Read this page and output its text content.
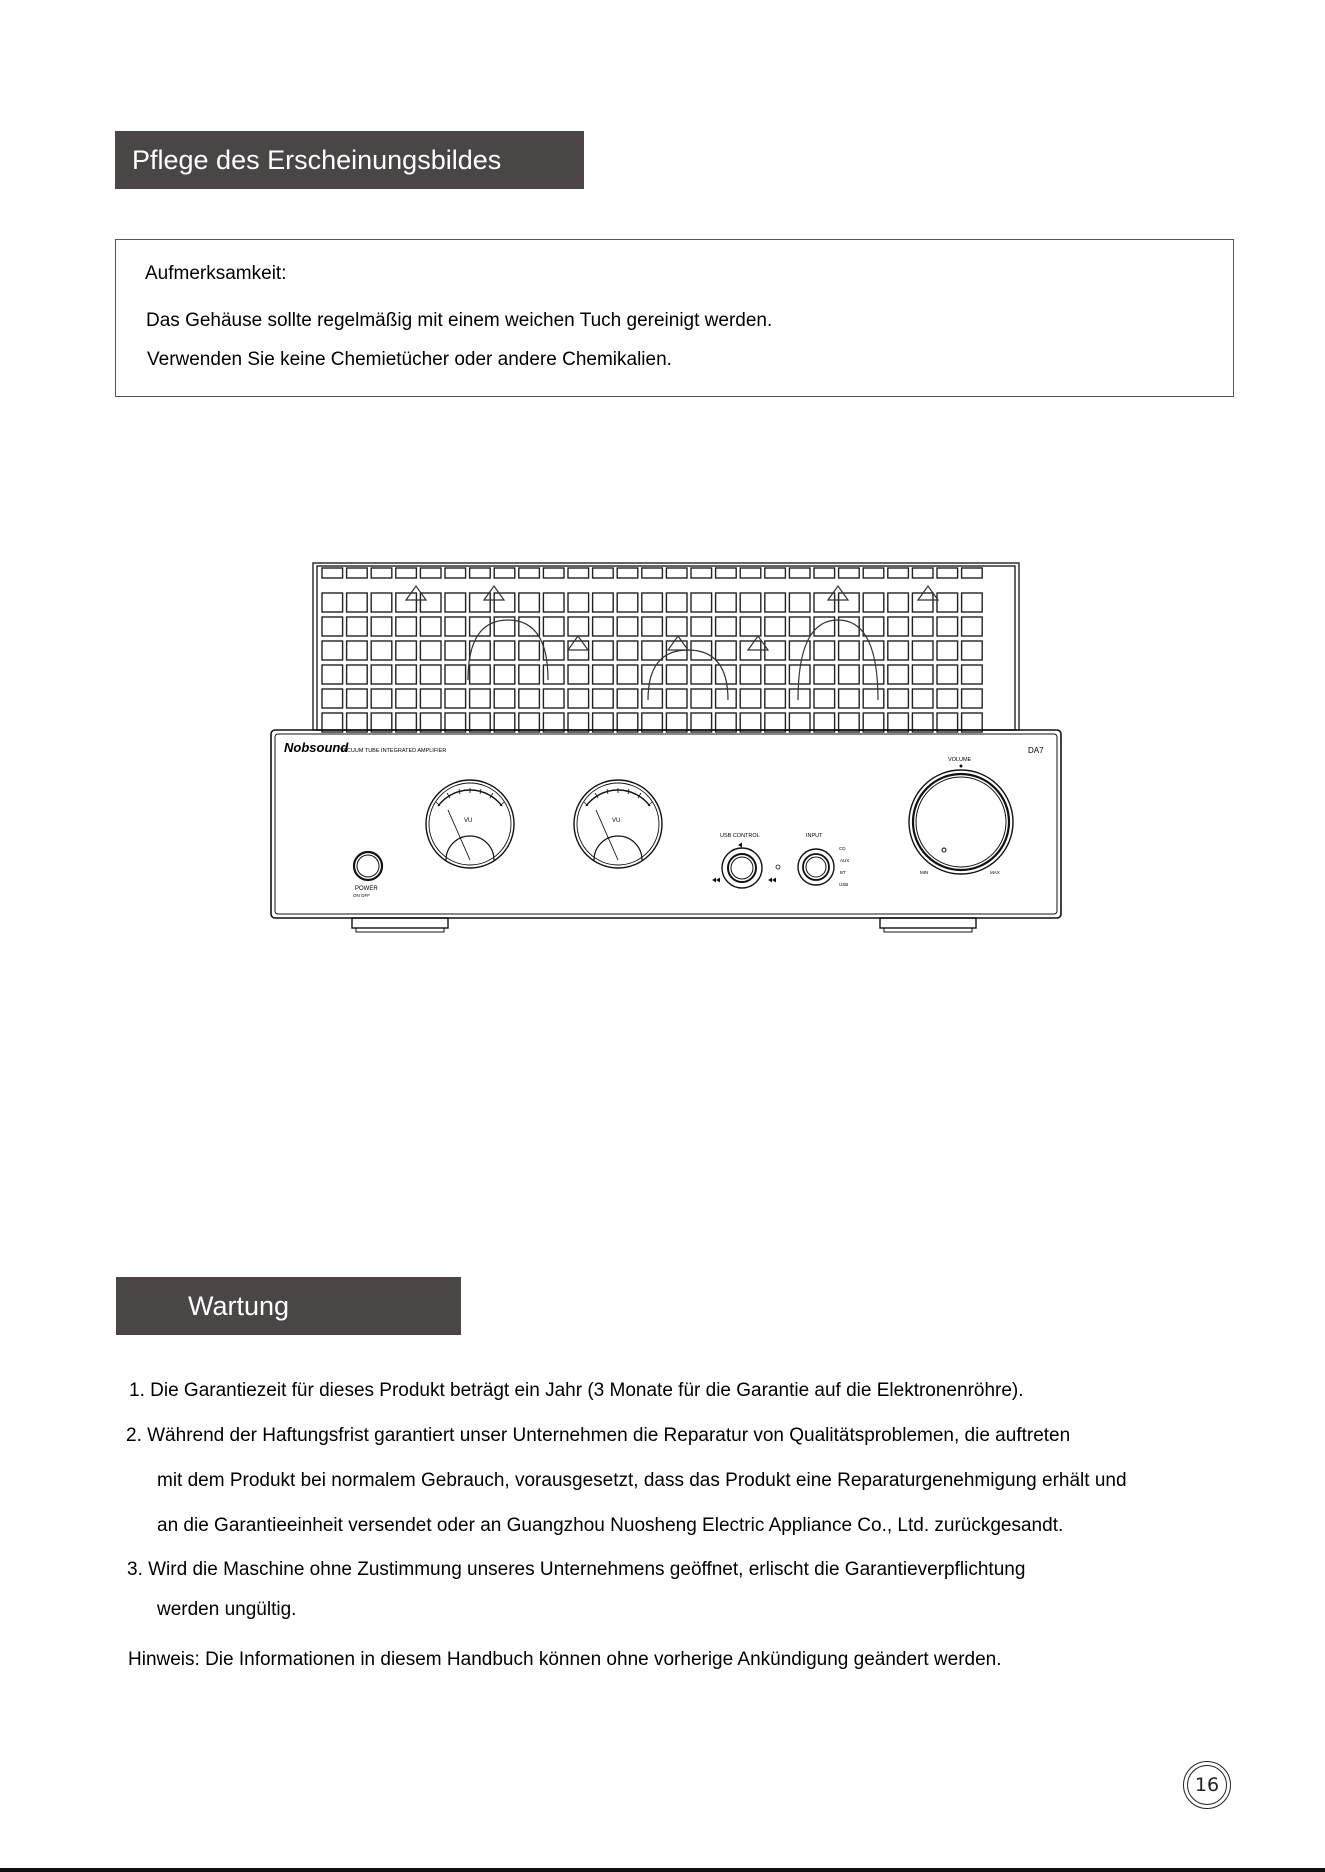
Pflege des Erscheinungsbildes
Aufmerksamkeit:
Das Gehäuse sollte regelmäßig mit einem weichen Tuch gereinigt werden.
Verwenden Sie keine Chemietücher oder andere Chemikalien.
Nobsound
VACUUM TUBE INTEGRATED AMPLIFIER	DA7
VU	VU
POWER
ON OFF
USB CONTROL	INPUT
CD
AUX
BT
USB
VOLUME
MIN	MAX
Wartung
1. Die Garantiezeit für dieses Produkt beträgt ein Jahr (3 Monate für die Garantie auf die Elektronenröhre).
2. Während der Haftungsfrist garantiert unser Unternehmen die Reparatur von Qualitätsproblemen, die auftreten
mit dem Produkt bei normalem Gebrauch, vorausgesetzt, dass das Produkt eine Reparaturgenehmigung erhält und
an die Garantieeinheit versendet oder an Guangzhou Nuosheng Electric Appliance Co., Ltd. zurückgesandt.
3. Wird die Maschine ohne Zustimmung unseres Unternehmens geöffnet, erlischt die Garantieverpflichtung
werden ungültig.
Hinweis: Die Informationen in diesem Handbuch können ohne vorherige Ankündigung geändert werden.
16
